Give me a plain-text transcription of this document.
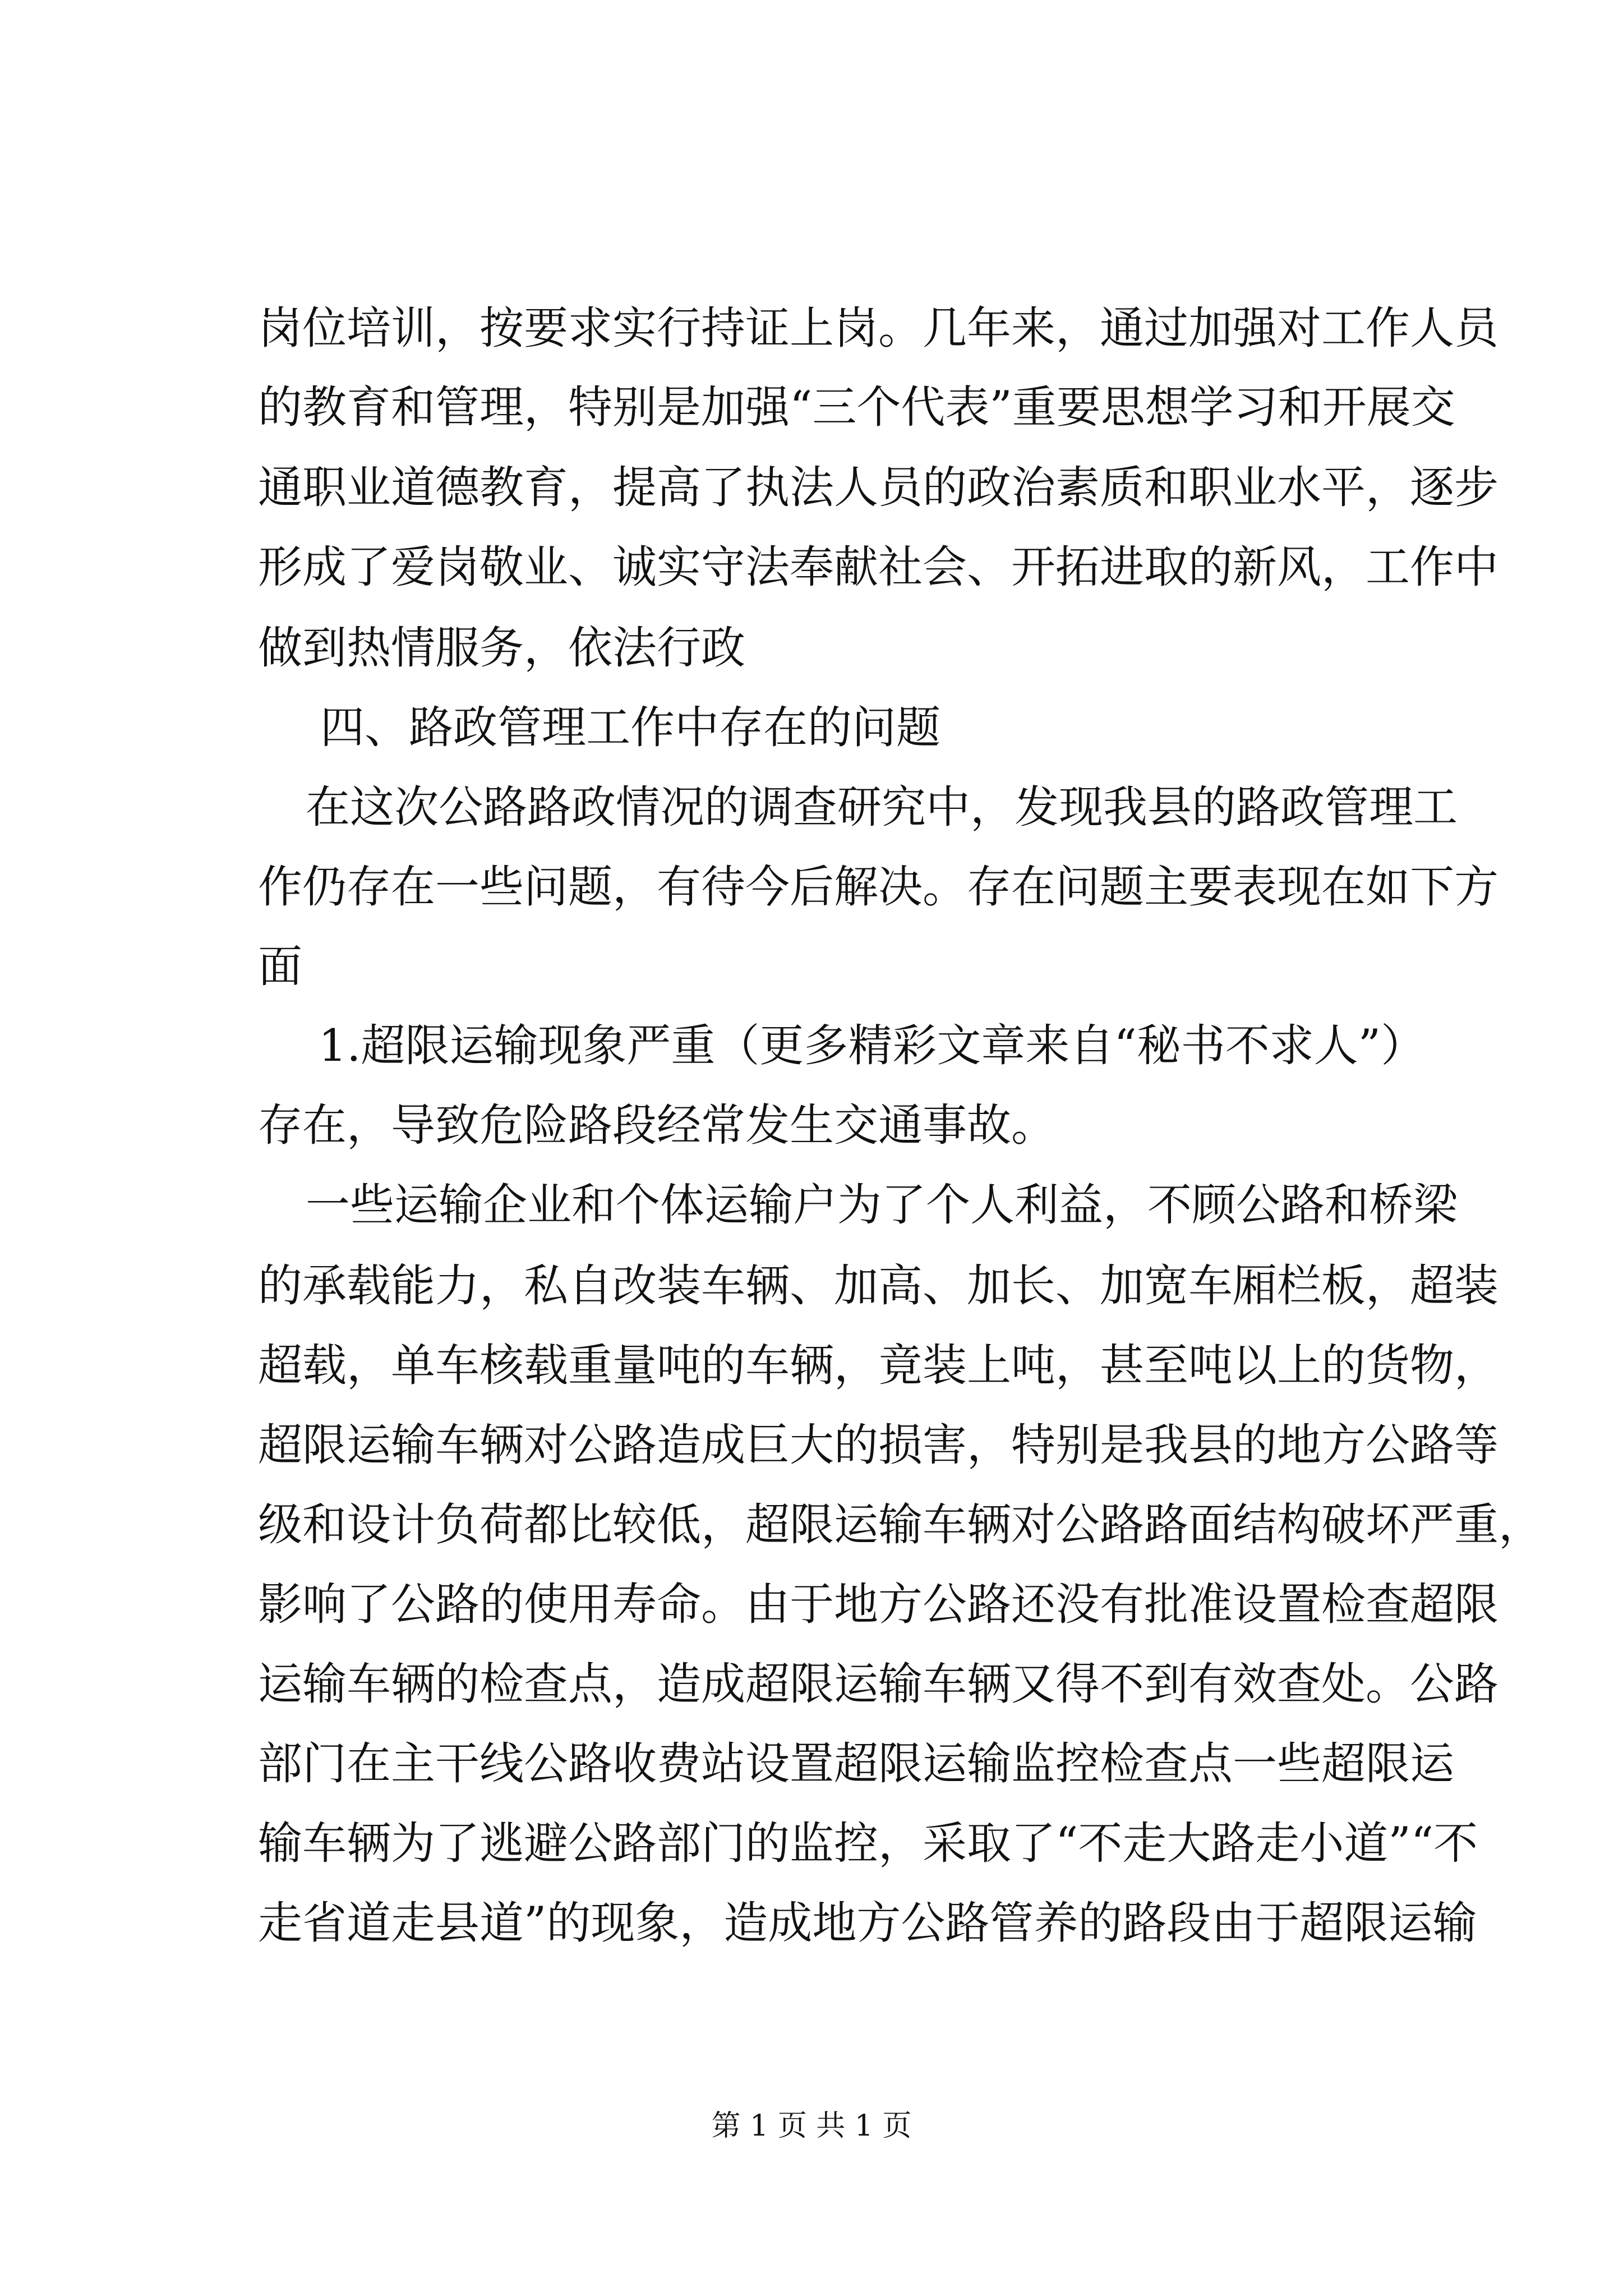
岗位培训，按要求实行持证上岗。几年来，通过加强对工作人员
的教育和管理，特别是加强“三个代表”重要思想学习和开展交
通职业道德教育，提高了执法人员的政治素质和职业水平，逐步
形成了爱岗敬业、诚实守法奉献社会、开拓进取的新风，工作中
做到热情服务，依法行政
四、路政管理工作中存在的问题
在这次公路路政情况的调查研究中，发现我县的路政管理工
作仍存在一些问题，有待今后解决。存在问题主要表现在如下方
面
1.超限运输现象严重（更多精彩文章来自“秘书不求人”）
存在，导致危险路段经常发生交通事故。
一些运输企业和个体运输户为了个人利益，不顾公路和桥梁
的承载能力，私自改装车辆、加高、加长、加宽车厢栏板，超装
超载，单车核载重量吨的车辆，竟装上吨，甚至吨以上的货物，
超限运输车辆对公路造成巨大的损害，特别是我县的地方公路等
级和设计负荷都比较低，超限运输车辆对公路路面结构破坏严重，
影响了公路的使用寿命。由于地方公路还没有批准设置检查超限
运输车辆的检查点，造成超限运输车辆又得不到有效查处。公路
部门在主干线公路收费站设置超限运输监控检查点一些超限运
输车辆为了逃避公路部门的监控，采取了“不走大路走小道”“不
走省道走县道”的现象，造成地方公路管养的路段由于超限运输
第 1 页 共 1 页
